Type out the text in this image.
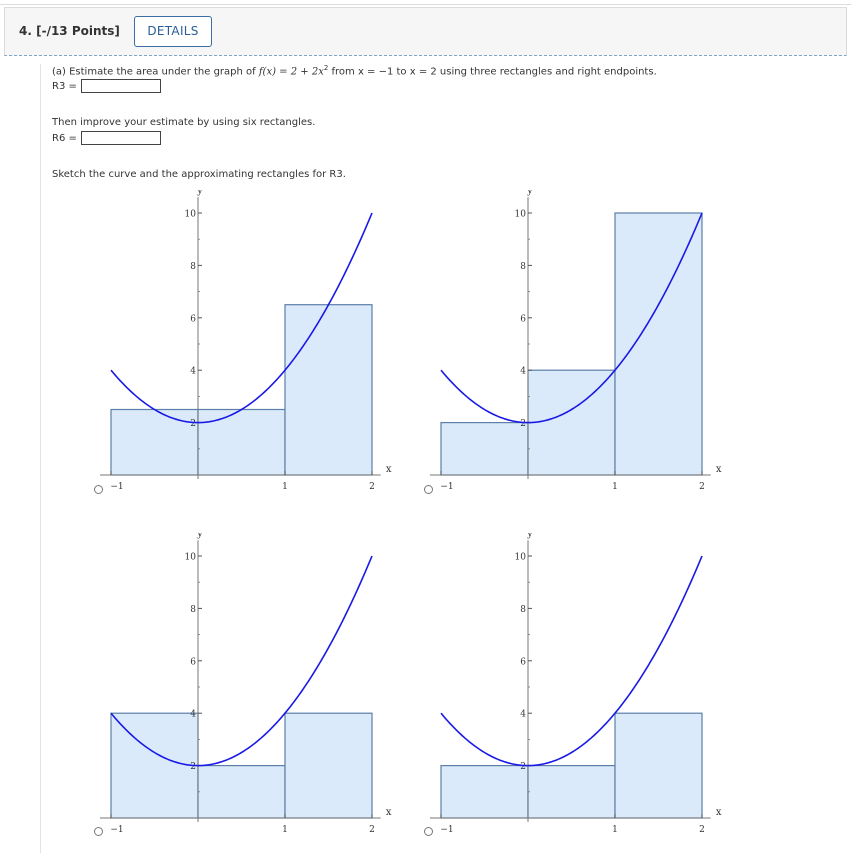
4. [-/13 Points]	DETAILS
(a) Estimate the area under the graph of $f(x) = 2 + 2x^2$ from x = −1 to x = 2 using three rectangles and right endpoints.
R3 =
Then improve your estimate by using six rectangles.
R6 =
Sketch the curve and the approximating rectangles for R3.
10
8
6
4
2
−1	1	2
y
x
10
8
6
4
2
−1	1	2
y
x
10
8
6
4
2
−1	1	2
y
x
10
8
6
4
2
−1	1	2
y
x
